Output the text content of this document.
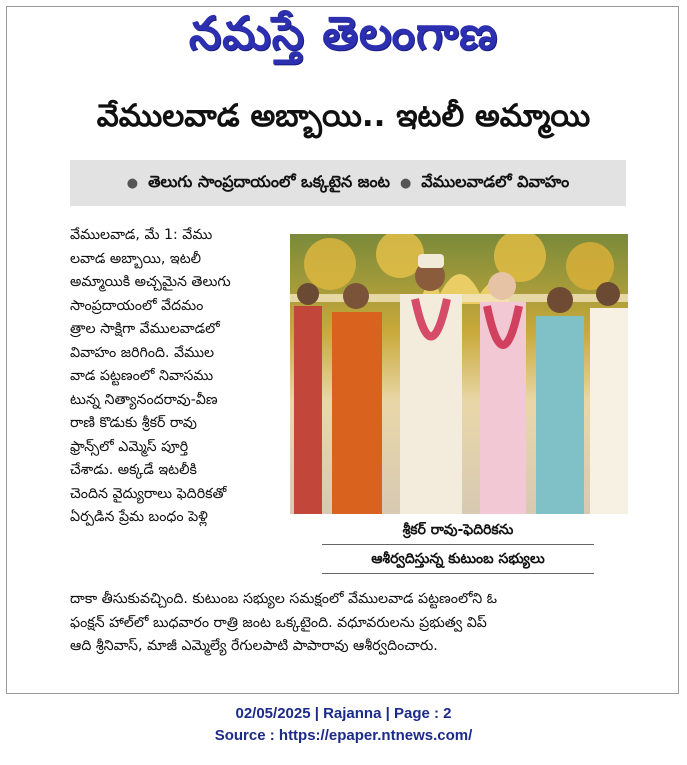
నమస్తే తెలంగాణ
వేములవాడ అబ్బాయి.. ఇటలీ అమ్మాయి
● తెలుగు సాంప్రదాయంలో ఒక్కటైన జంట ● వేములవాడలో వివాహం
వేములవాడ, మే 1: వేము
లవాడ అబ్బాయి, ఇటలీ
అమ్మాయికి అచ్చమైన తెలుగు
సాంప్రదాయంలో వేదమం
త్రాల సాక్షిగా వేములవాడలో
వివాహం జరిగింది. వేముల
వాడ పట్టణంలో నివాసము
టున్న నిత్యానందరావు-వీణ
రాణి కొడుకు శ్రీకర్ రావు
ఫ్రాన్స్‌లో ఎమ్మెస్ పూర్తి
చేశాడు. అక్కడే ఇటలీకి
చెందిన వైద్యురాలు ఫెదిరికతో
ఏర్పడిన ప్రేమ బంధం పెళ్లి
శ్రీకర్ రావు-ఫెదిరికను
ఆశీర్వదిస్తున్న కుటుంబ సభ్యులు
దాకా తీసుకువచ్చింది. కుటుంబ సభ్యుల సమక్షంలో వేములవాడ పట్టణంలోని ఓ
ఫంక్షన్ హాల్‌లో బుధవారం రాత్రి జంట ఒక్కటైంది. వధూవరులను ప్రభుత్వ విప్
ఆది శ్రీనివాస్, మాజీ ఎమ్మెల్యే రేగులపాటి పాపారావు ఆశీర్వదించారు.
02/05/2025 | Rajanna | Page : 2
Source : https://epaper.ntnews.com/
